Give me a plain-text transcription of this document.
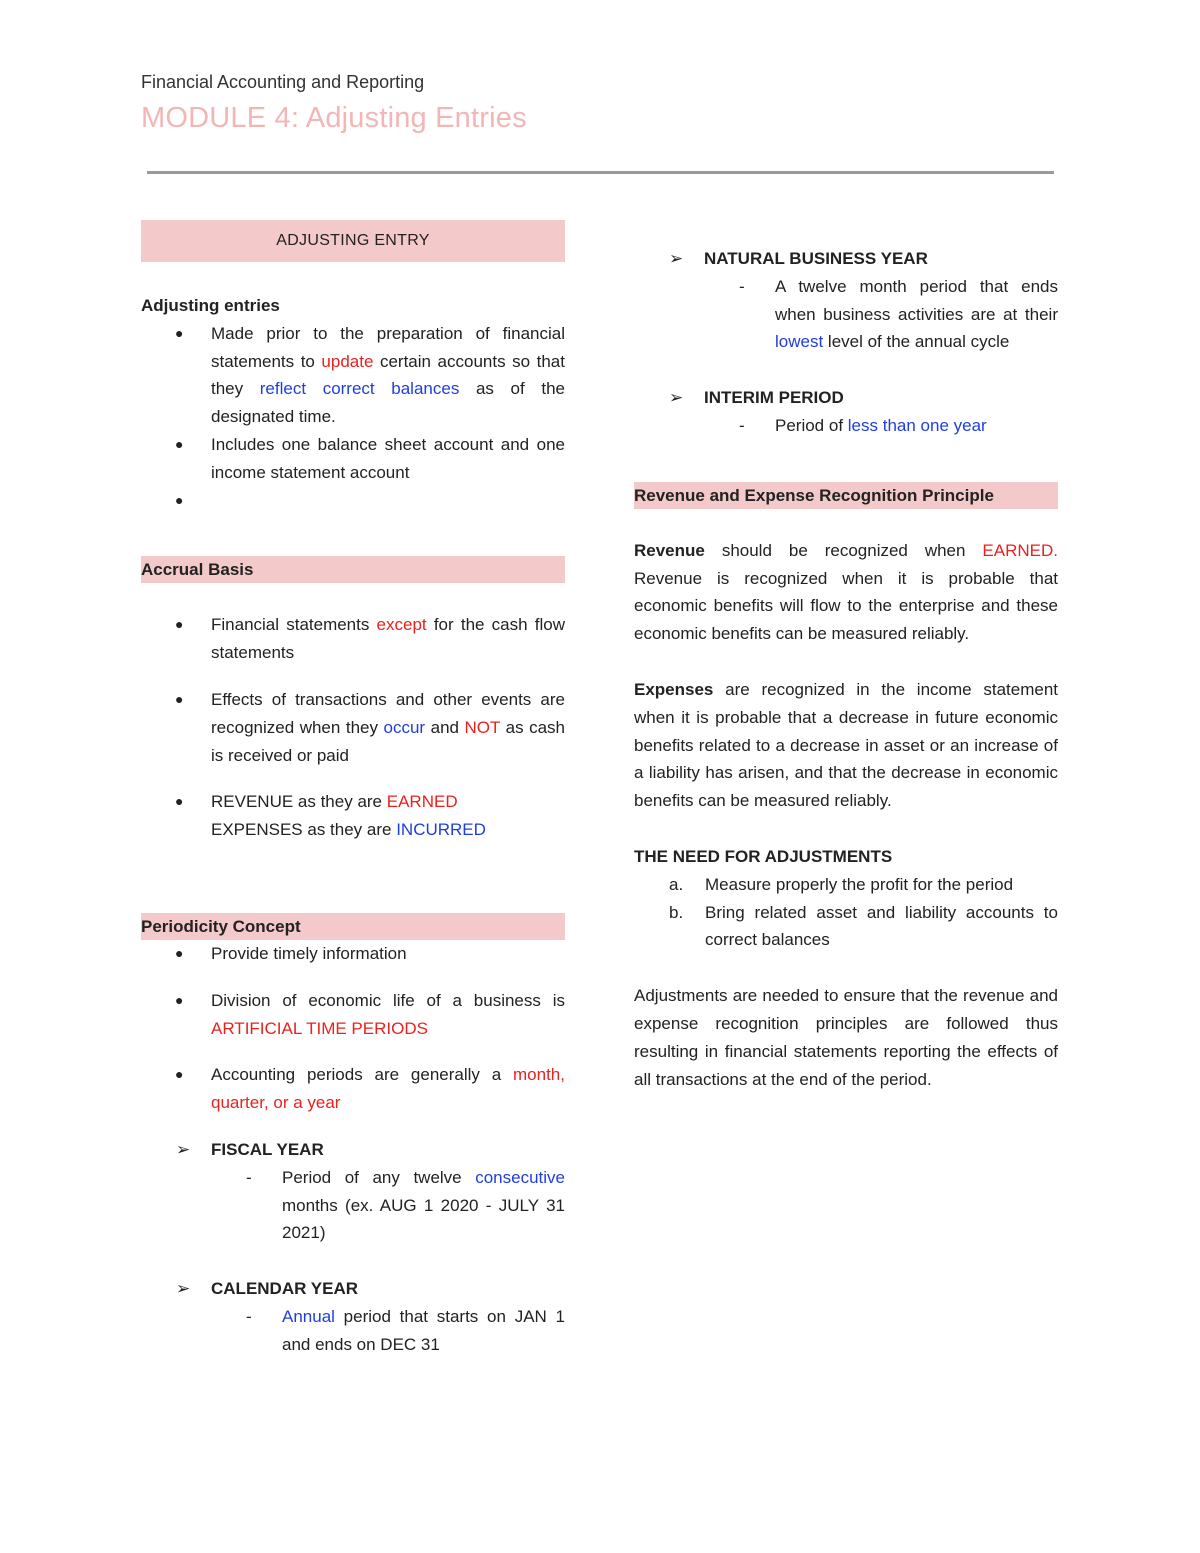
Financial Accounting and Reporting
MODULE 4: Adjusting Entries
ADJUSTING ENTRY
Adjusting entries
● Made prior to the preparation of financial statements to update certain accounts so that they reflect correct balances as of the designated time.
● Includes one balance sheet account and one income statement account
●

Accrual Basis
● Financial statements except for the cash flow statements
● Effects of transactions and other events are recognized when they occur and NOT as cash is received or paid
● REVENUE as they are EARNED
EXPENSES as they are INCURRED
Periodicity Concept
● Provide timely information
● Division of economic life of a business is ARTIFICIAL TIME PERIODS
● Accounting periods are generally a month, quarter, or a year
➢ FISCAL YEAR
- Period of any twelve consecutive months (ex. AUG 1 2020 - JULY 31 2021)
➢ CALENDAR YEAR
- Annual period that starts on JAN 1 and ends on DEC 31
➢ NATURAL BUSINESS YEAR
- A twelve month period that ends when business activities are at their lowest level of the annual cycle
➢ INTERIM PERIOD
- Period of less than one year
Revenue and Expense Recognition Principle

Revenue should be recognized when EARNED. Revenue is recognized when it is probable that economic benefits will flow to the enterprise and these economic benefits can be measured reliably.

Expenses are recognized in the income statement when it is probable that a decrease in future economic benefits related to a decrease in asset or an increase of a liability has arisen, and that the decrease in economic benefits can be measured reliably.

THE NEED FOR ADJUSTMENTS
a. Measure properly the profit for the period
b. Bring related asset and liability accounts to correct balances

Adjustments are needed to ensure that the revenue and expense recognition principles are followed thus resulting in financial statements reporting the effects of all transactions at the end of the period.
